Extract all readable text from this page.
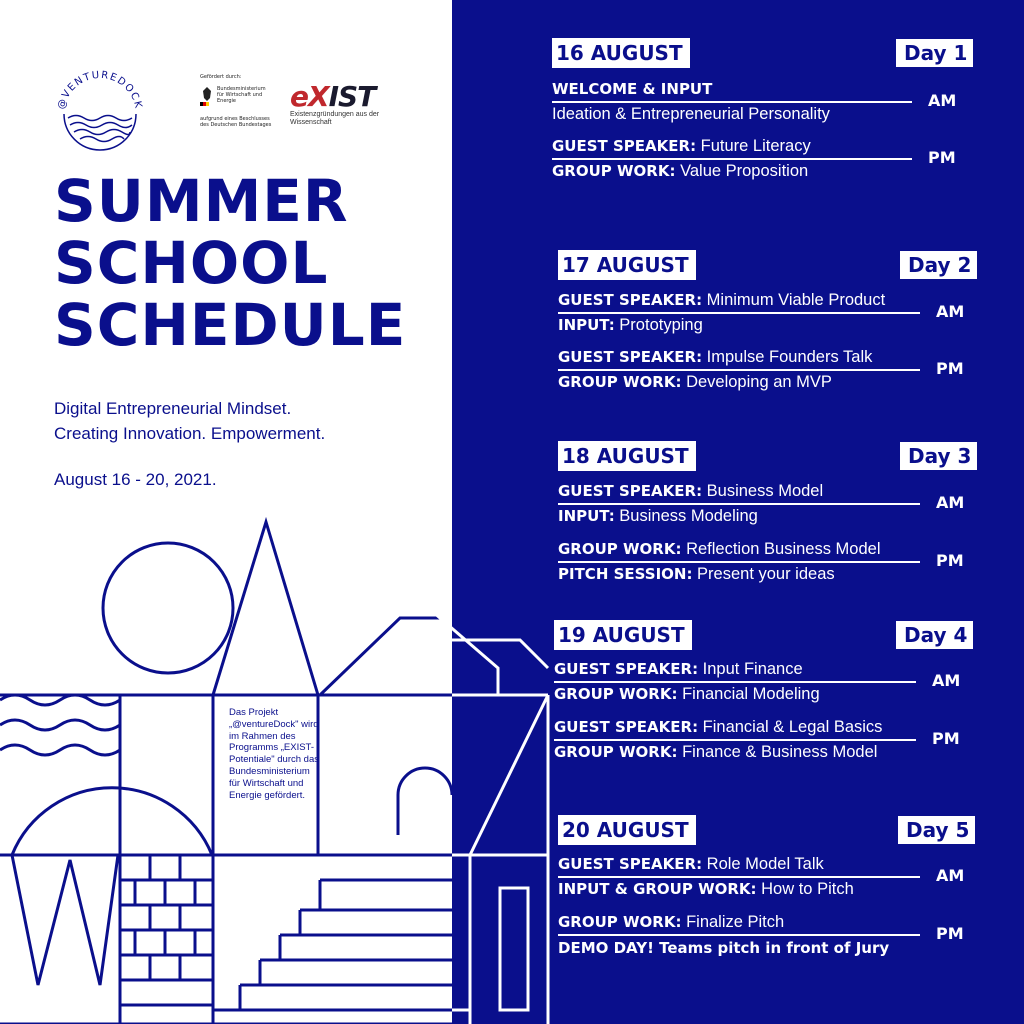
@VENTUREDOCK
Gefördert durch:
Bundesministerium für Wirtschaft und Energie
aufgrund eines Beschlusses des Deutschen Bundestages
eXIST
Existenzgründungen aus der Wissenschaft
SUMMER
SCHOOL
SCHEDULE
Digital Entrepreneurial Mindset.
Creating Innovation. Empowerment.
August 16 - 20, 2021.
Das Projekt „@ventureDock" wird im Rahmen des Programms „EXIST-Potentiale" durch das Bundesministerium für Wirtschaft und Energie gefördert.
16 AUGUST	Day 1
WELCOME & INPUT
Ideation & Entrepreneurial Personality
AM
GUEST SPEAKER: Future Literacy
GROUP WORK: Value Proposition
PM
17 AUGUST	Day 2
GUEST SPEAKER: Minimum Viable Product
INPUT: Prototyping
AM
GUEST SPEAKER: Impulse Founders Talk
GROUP WORK: Developing an MVP
PM
18 AUGUST	Day 3
GUEST SPEAKER: Business Model
INPUT: Business Modeling
AM
GROUP WORK: Reflection Business Model
PITCH SESSION: Present your ideas
PM
19 AUGUST	Day 4
GUEST SPEAKER: Input Finance
GROUP WORK: Financial Modeling
AM
GUEST SPEAKER: Financial & Legal Basics
GROUP WORK: Finance & Business Model
PM
20 AUGUST	Day 5
GUEST SPEAKER: Role Model Talk
INPUT & GROUP WORK: How to Pitch
AM
GROUP WORK: Finalize Pitch
DEMO DAY! Teams pitch in front of Jury
PM
